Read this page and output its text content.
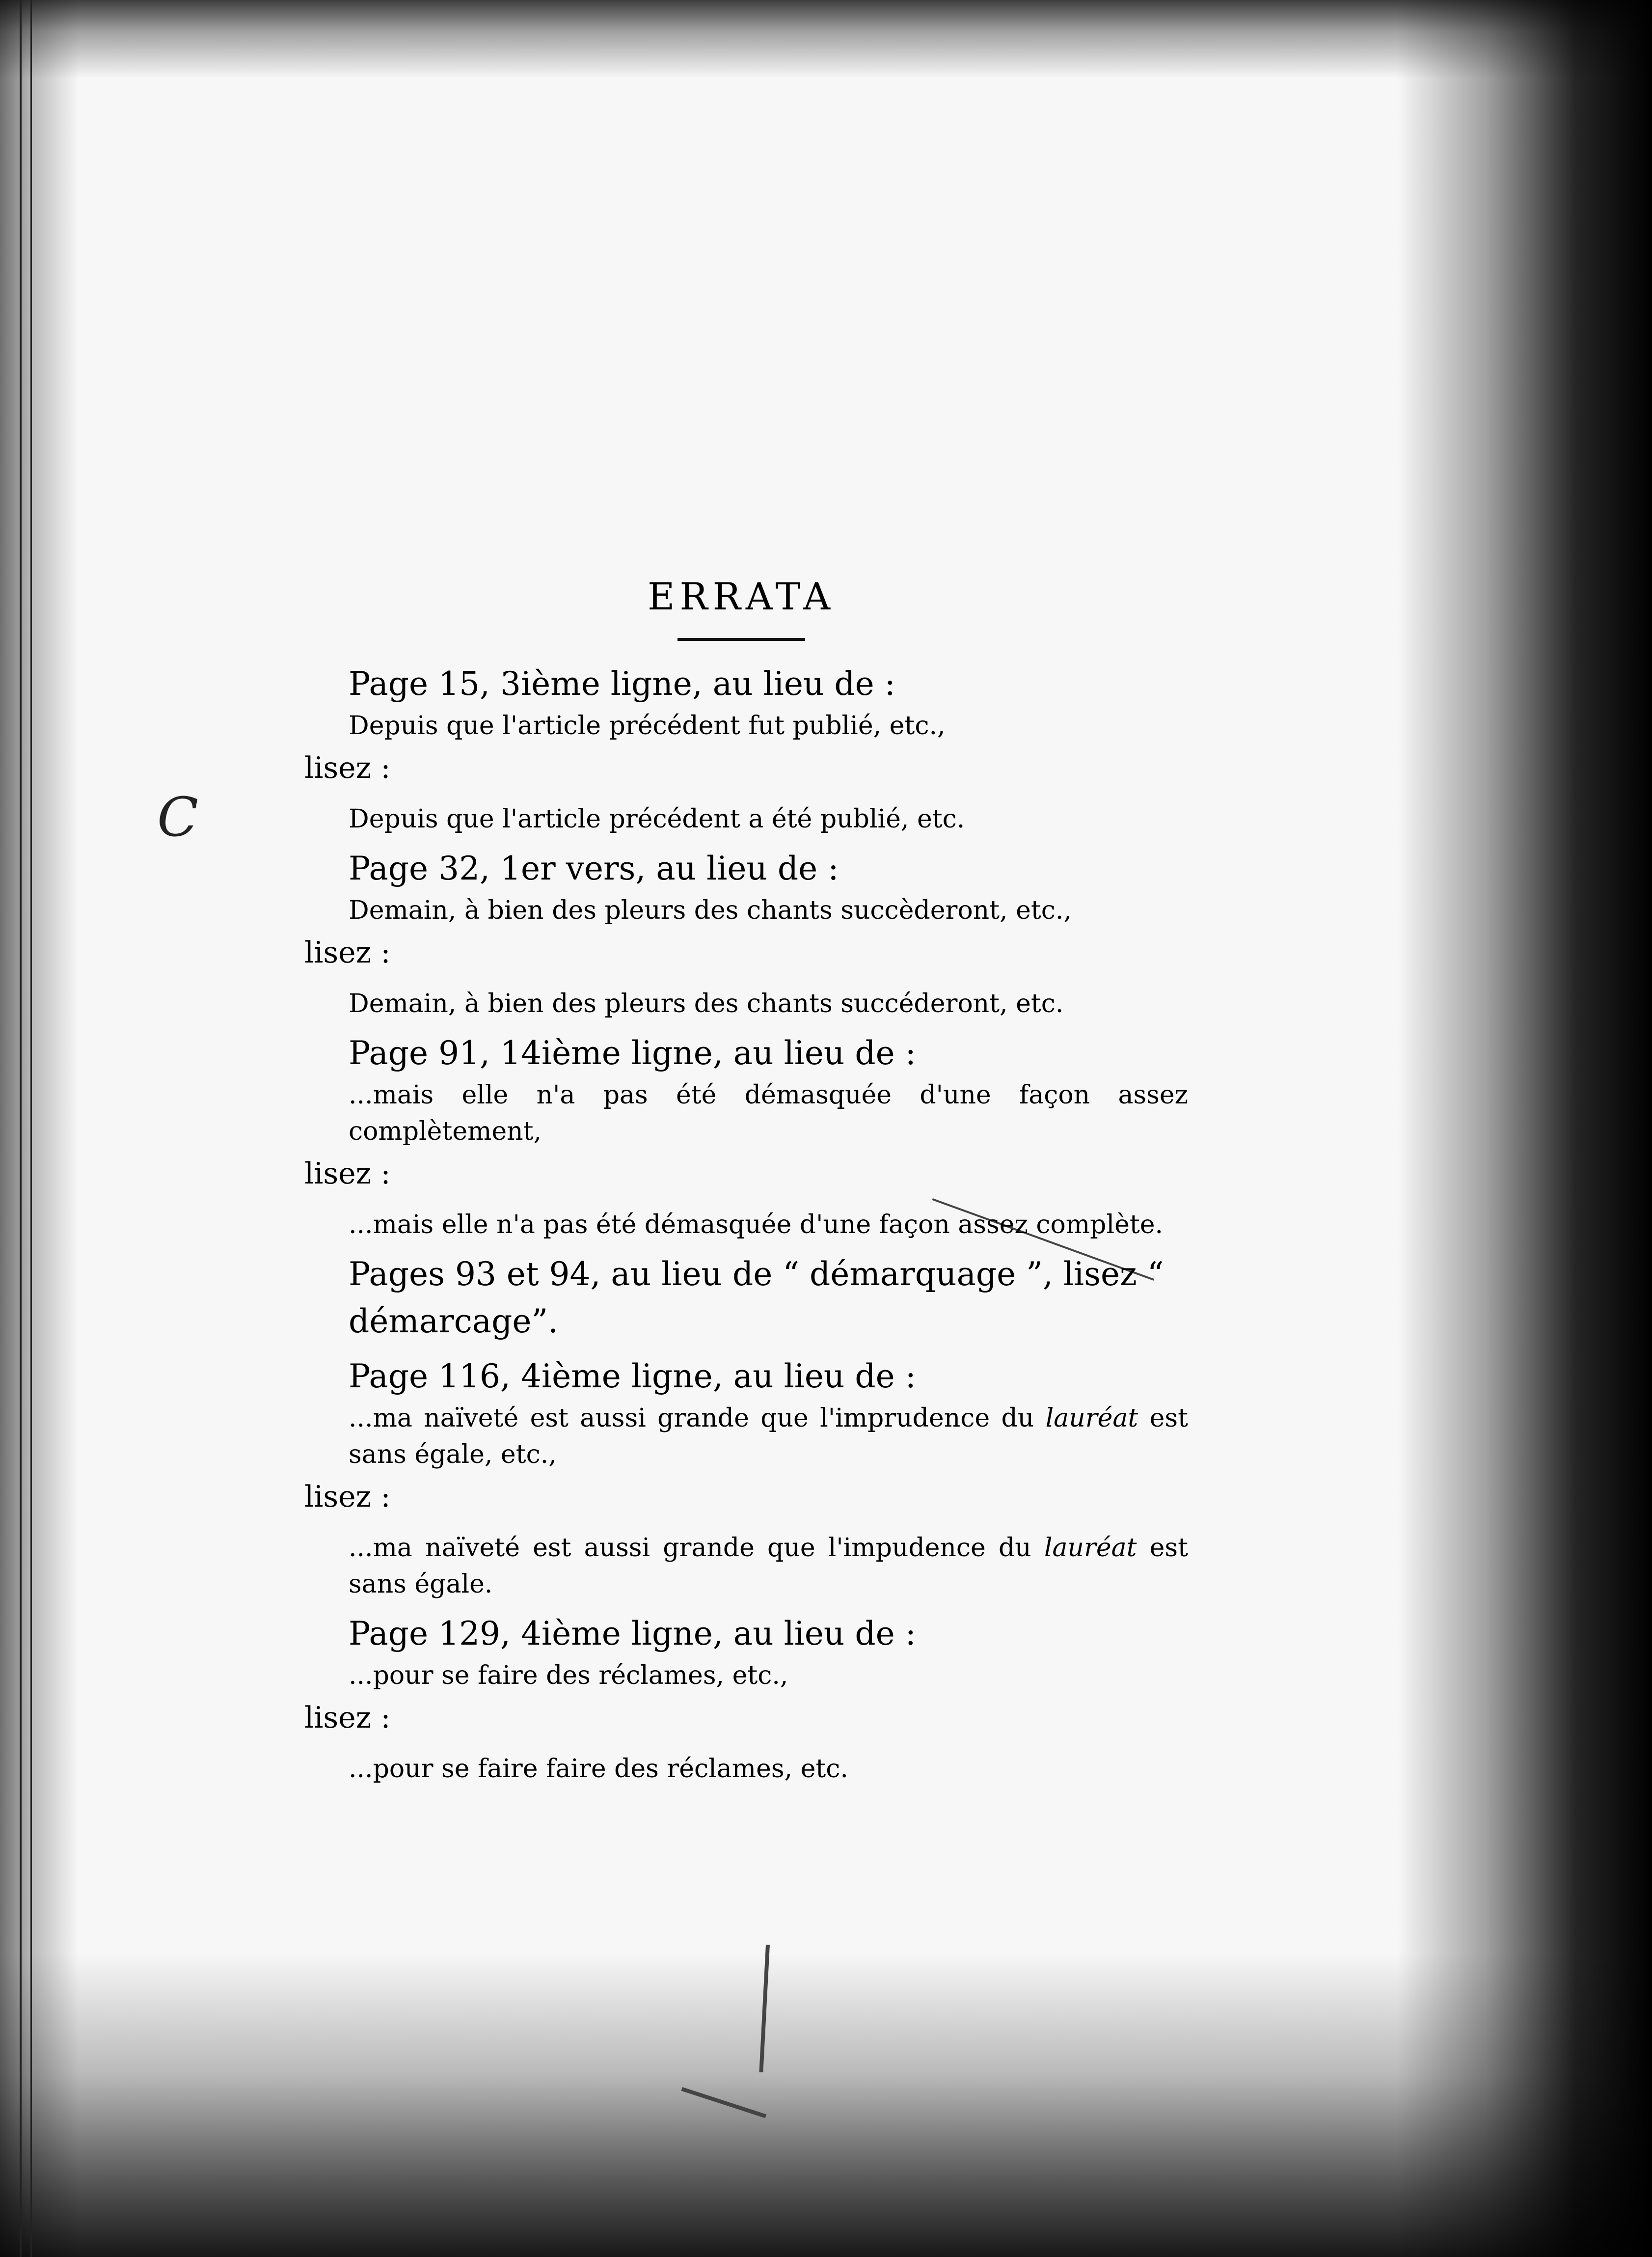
C
ERRATA

Page 15, 3ième ligne, au lieu de :

Depuis que l'article précédent fut publié, etc.,

lisez :

Depuis que l'article précédent a été publié, etc.

Page 32, 1er vers, au lieu de :

Demain, à bien des pleurs des chants succèderont, etc.,

lisez :

Demain, à bien des pleurs des chants succéderont, etc.

Page 91, 14ième ligne, au lieu de :

...mais elle n'a pas été démasquée d'une façon assez complètement,

lisez :

...mais elle n'a pas été démasquée d'une façon assez complète.

Pages 93 et 94, au lieu de “ démarquage ”, lisez “ démarcage”.

Page 116, 4ième ligne, au lieu de :

...ma naïveté est aussi grande que l'imprudence du lauréat est sans égale, etc.,

lisez :

...ma naïveté est aussi grande que l'impudence du lauréat est sans égale.

Page 129, 4ième ligne, au lieu de :

...pour se faire des réclames, etc.,

lisez :

...pour se faire faire des réclames, etc.
